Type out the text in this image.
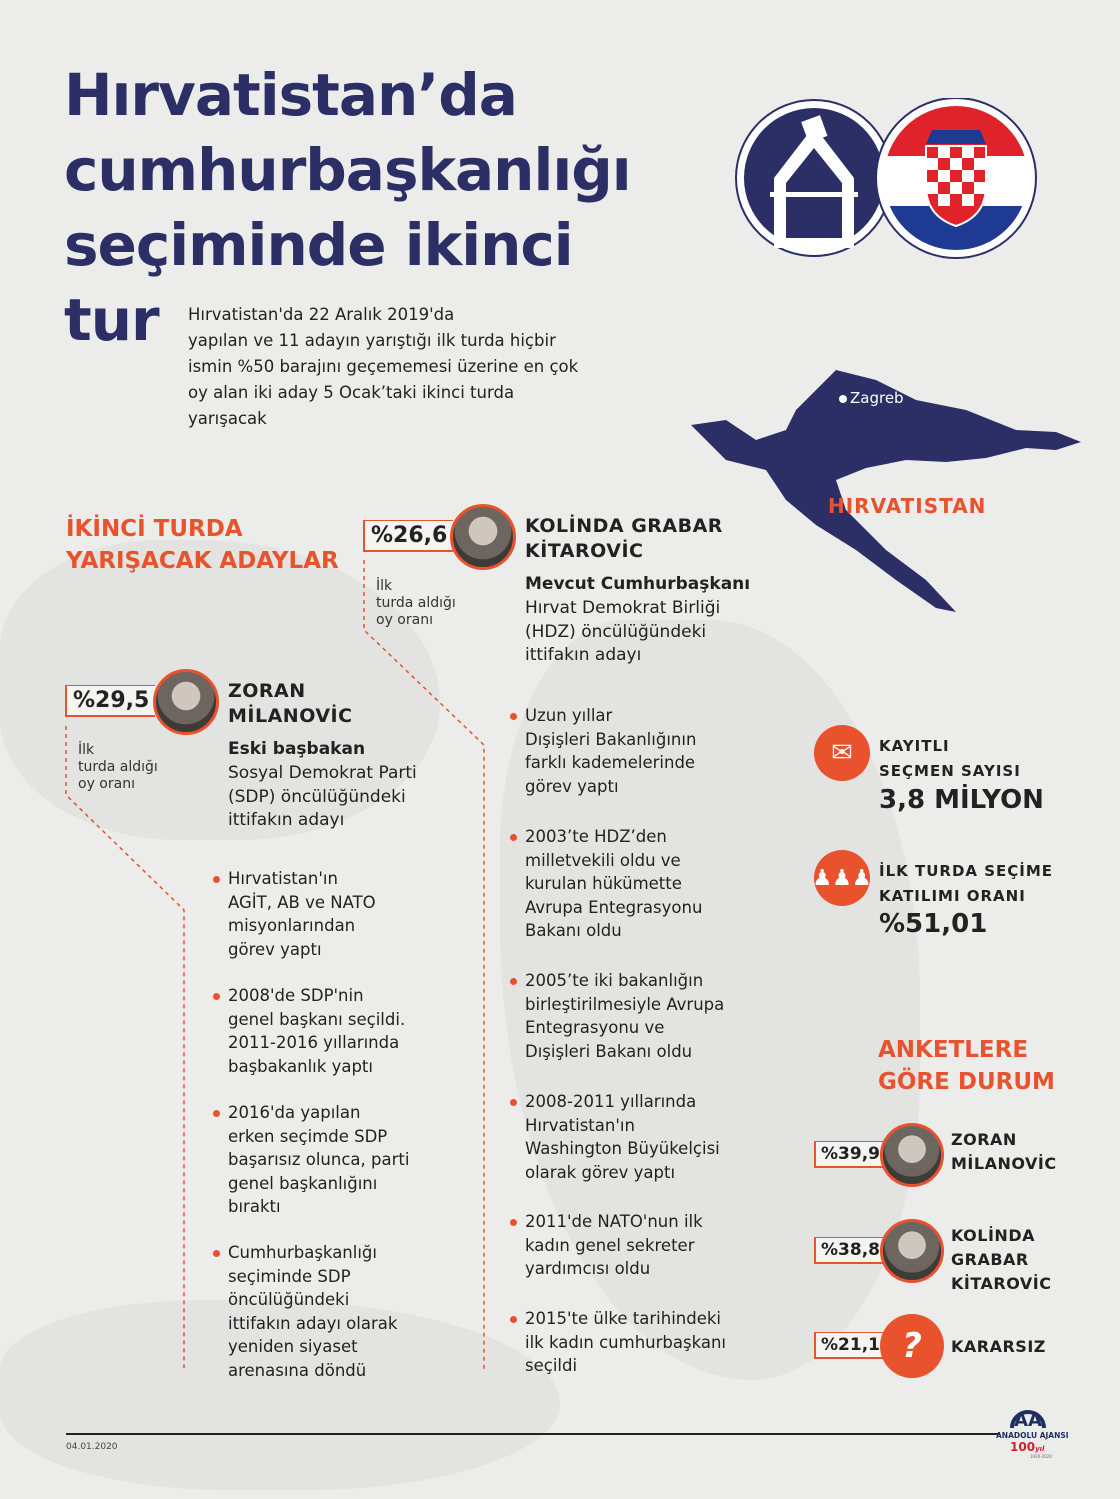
Hırvatistan’da
cumhurbaşkanlığı
seçiminde ikinci
tur	Hırvatistan'da 22 Aralık 2019'da
yapılan ve 11 adayın yarıştığı ilk turda hiçbir
ismin %50 barajını geçememesi üzerine en çok
oy alan iki aday 5 Ocak’taki ikinci turda
yarışacak
Zagreb
HIRVATISTAN
İKİNCİ TURDA
YARIŞACAK ADAYLAR
%26,6	KOLİNDA GRABAR
KİTAROVİC
Mevcut Cumhurbaşkanı
Hırvat Demokrat Birliği
(HDZ) öncülüğündeki
ittifakın adayı
İlk
turda aldığı
oy oranı
Uzun yıllar
Dışişleri Bakanlığının
farklı kademelerinde
görev yaptı
2003’te HDZ’den
milletvekili oldu ve
kurulan hükümette
Avrupa Entegrasyonu
Bakanı oldu
2005’te iki bakanlığın
birleştirilmesiyle Avrupa
Entegrasyonu ve
Dışişleri Bakanı oldu
2008-2011 yıllarında
Hırvatistan'ın
Washington Büyükelçisi
olarak görev yaptı
2011'de NATO'nun ilk
kadın genel sekreter
yardımcısı oldu
2015'te ülke tarihindeki
ilk kadın cumhurbaşkanı
seçildi
%29,5	ZORAN
MİLANOVİC
Eski başbakan
Sosyal Demokrat Parti
(SDP) öncülüğündeki
ittifakın adayı
İlk
turda aldığı
oy oranı
Hırvatistan'ın
AGİT, AB ve NATO
misyonlarından
görev yaptı
2008'de SDP'nin
genel başkanı seçildi.
2011-2016 yıllarında
başbakanlık yaptı
2016'da yapılan
erken seçimde SDP
başarısız olunca, parti
genel başkanlığını
bıraktı
Cumhurbaşkanlığı
seçiminde SDP
öncülüğündeki
ittifakın adayı olarak
yeniden siyaset
arenasına döndü
✉	KAYITLI
SEÇMEN SAYISI
3,8 MİLYON
♟♟♟ İLK TURDA SEÇİME
KATILIMI ORANI
%51,01
ANKETLERE
GÖRE DURUM
%39,9
ZORAN
MİLANOVİC
%38,8
KOLİNDA
GRABAR
KİTAROVİC
%21,1 ?	KARARSIZ
04.01.2020
AA
ANADOLU AJANSI
100yıl
1920-2020
